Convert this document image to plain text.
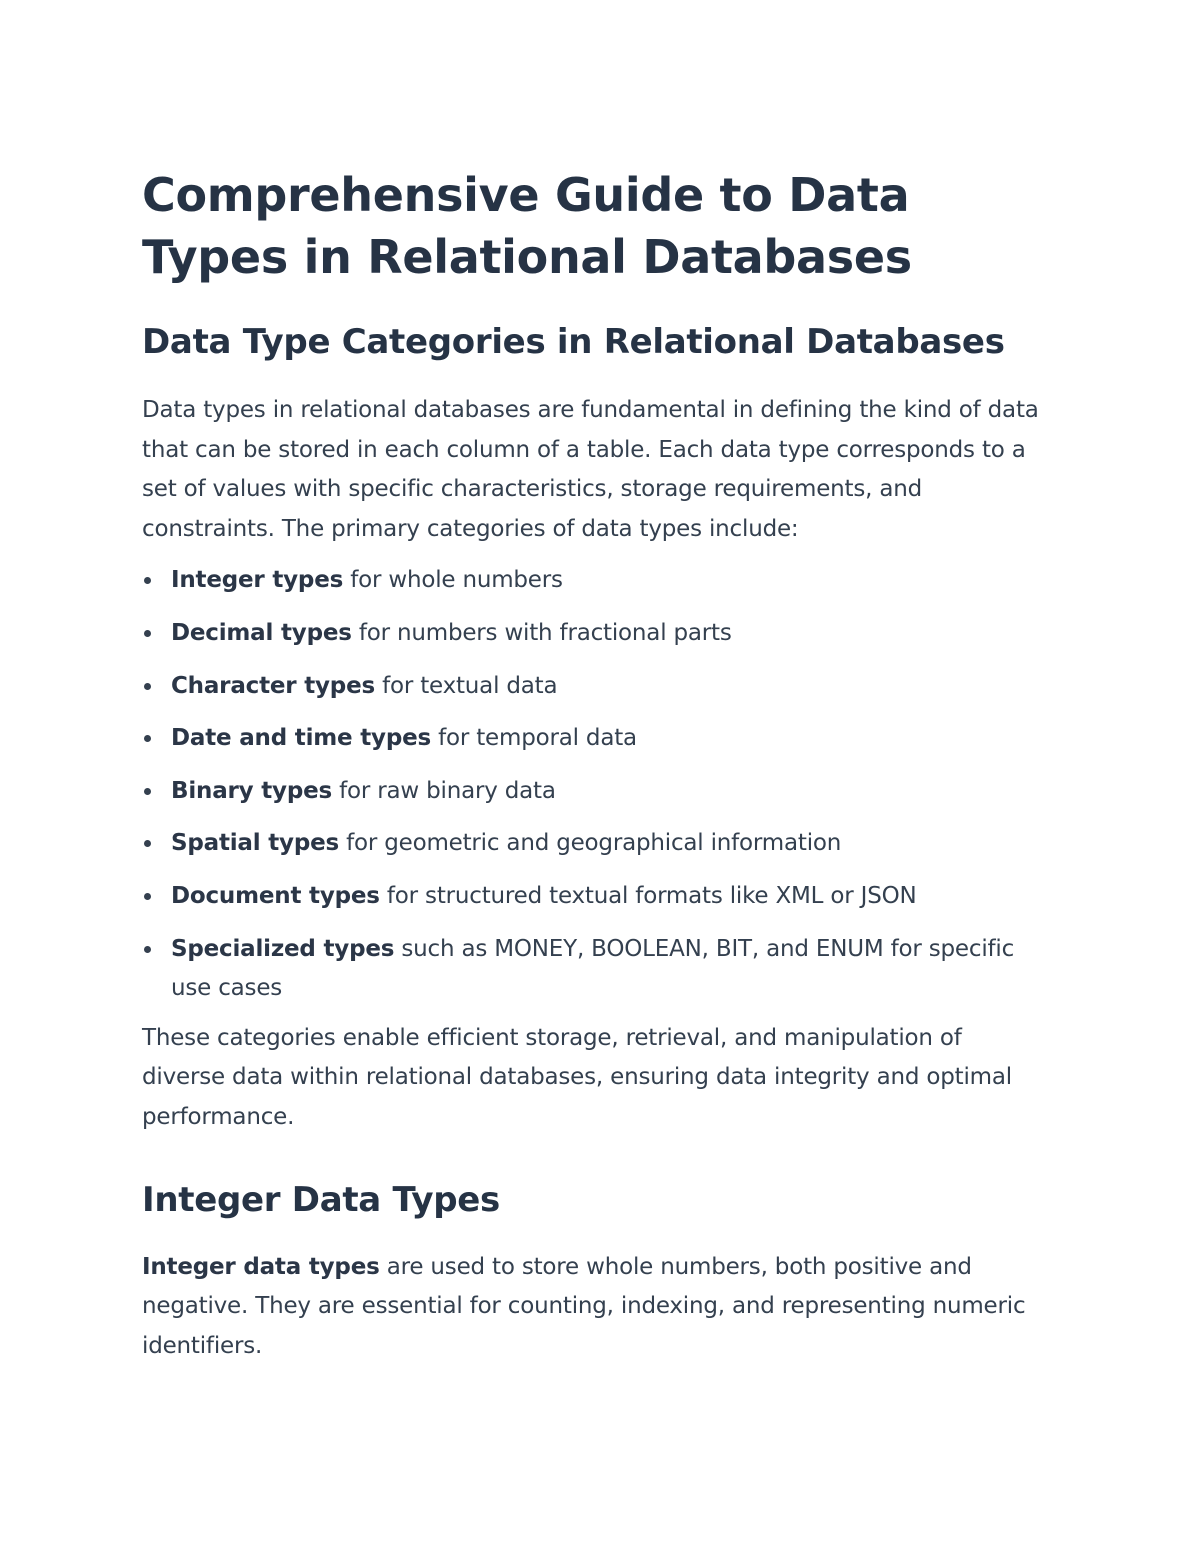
Comprehensive Guide to Data Types in Relational Databases
Data Type Categories in Relational Databases

Data types in relational databases are fundamental in defining the kind of data that can be stored in each column of a table. Each data type corresponds to a set of values with specific characteristics, storage requirements, and constraints. The primary categories of data types include:

Integer types for whole numbers
Decimal types for numbers with fractional parts
Character types for textual data
Date and time types for temporal data
Binary types for raw binary data
Spatial types for geometric and geographical information
Document types for structured textual formats like XML or JSON
Specialized types such as MONEY, BOOLEAN, BIT, and ENUM for specific use cases

These categories enable efficient storage, retrieval, and manipulation of diverse data within relational databases, ensuring data integrity and optimal performance.

Integer Data Types

Integer data types are used to store whole numbers, both positive and negative. They are essential for counting, indexing, and representing numeric identifiers.
